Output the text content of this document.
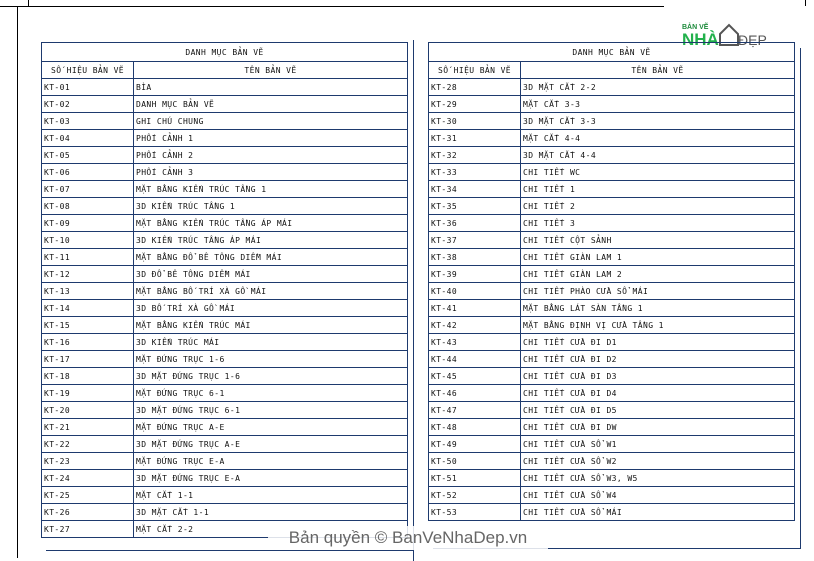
BẢN VẼ
NHÀ ĐẸP
DANH MỤC BẢN VẼ	
SỐ HIỆU BẢN VẼ	TÊN BẢN VẼ
KT-01	BÌA
KT-02	DANH MỤC BẢN VẼ
KT-03	GHI CHÚ CHUNG
KT-04	PHỐI CẢNH 1
KT-05	PHỐI CẢNH 2
KT-06	PHỐI CẢNH 3
KT-07	MẶT BẰNG KIẾN TRÚC TẦNG 1
KT-08	3D KIẾN TRÚC TẦNG 1
KT-09	MẶT BẰNG KIẾN TRÚC TẦNG ÁP MÁI
KT-10	3D KIẾN TRÚC TẦNG ÁP MÁI
KT-11	MẶT BẰNG ĐỔ BÊ TÔNG DIỀM MÁI
KT-12	3D ĐỔ BÊ TÔNG DIỀM MÁI
KT-13	MẶT BẰNG BỐ TRÍ XÀ GỒ MÁI
KT-14	3D BỐ TRÍ XÀ GỒ MÁI
KT-15	MẶT BẰNG KIẾN TRÚC MÁI
KT-16	3D KIẾN TRÚC MÁI
KT-17	MẶT ĐỨNG TRỤC 1-6
KT-18	3D MẶT ĐỨNG TRỤC 1-6
KT-19	MẶT ĐỨNG TRỤC 6-1
KT-20	3D MẶT ĐỨNG TRỤC 6-1
KT-21	MẶT ĐỨNG TRỤC A-E
KT-22	3D MẶT ĐỨNG TRỤC A-E
KT-23	MẶT ĐỨNG TRỤC E-A
KT-24	3D MẶT ĐỨNG TRỤC E-A
KT-25	MẶT CẮT 1-1
KT-26	3D MẶT CẮT 1-1
KT-27	MẶT CẮT 2-2
DANH MỤC BẢN VẼ	
SỐ HIỆU BẢN VẼ	TÊN BẢN VẼ
KT-28	3D MẶT CẮT 2-2
KT-29	MẶT CẮT 3-3
KT-30	3D MẶT CẮT 3-3
KT-31	MẶT CẮT 4-4
KT-32	3D MẶT CẮT 4-4
KT-33	CHI TIẾT WC
KT-34	CHI TIẾT 1
KT-35	CHI TIẾT 2
KT-36	CHI TIẾT 3
KT-37	CHI TIẾT CỘT SẢNH
KT-38	CHI TIẾT GIÀN LAM 1
KT-39	CHI TIẾT GIÀN LAM 2
KT-40	CHI TIẾT PHÀO CỬA SỔ MÁI
KT-41	MẶT BẰNG LÁT SÀN TẦNG 1
KT-42	MẶT BẰNG ĐỊNH VỊ CỬA TẦNG 1
KT-43	CHI TIẾT CỬA ĐI D1
KT-44	CHI TIẾT CỬA ĐI D2
KT-45	CHI TIẾT CỬA ĐI D3
KT-46	CHI TIẾT CỬA ĐI D4
KT-47	CHI TIẾT CỬA ĐI D5
KT-48	CHI TIẾT CỬA ĐI DW
KT-49	CHI TIẾT CỬA SỔ W1
KT-50	CHI TIẾT CỬA SỔ W2
KT-51	CHI TIẾT CỬA SỔ W3, W5
KT-52	CHI TIẾT CỬA SỔ W4
KT-53	CHI TIẾT CỬA SỔ MÁI
Bản quyền © BanVeNhaDep.vn
